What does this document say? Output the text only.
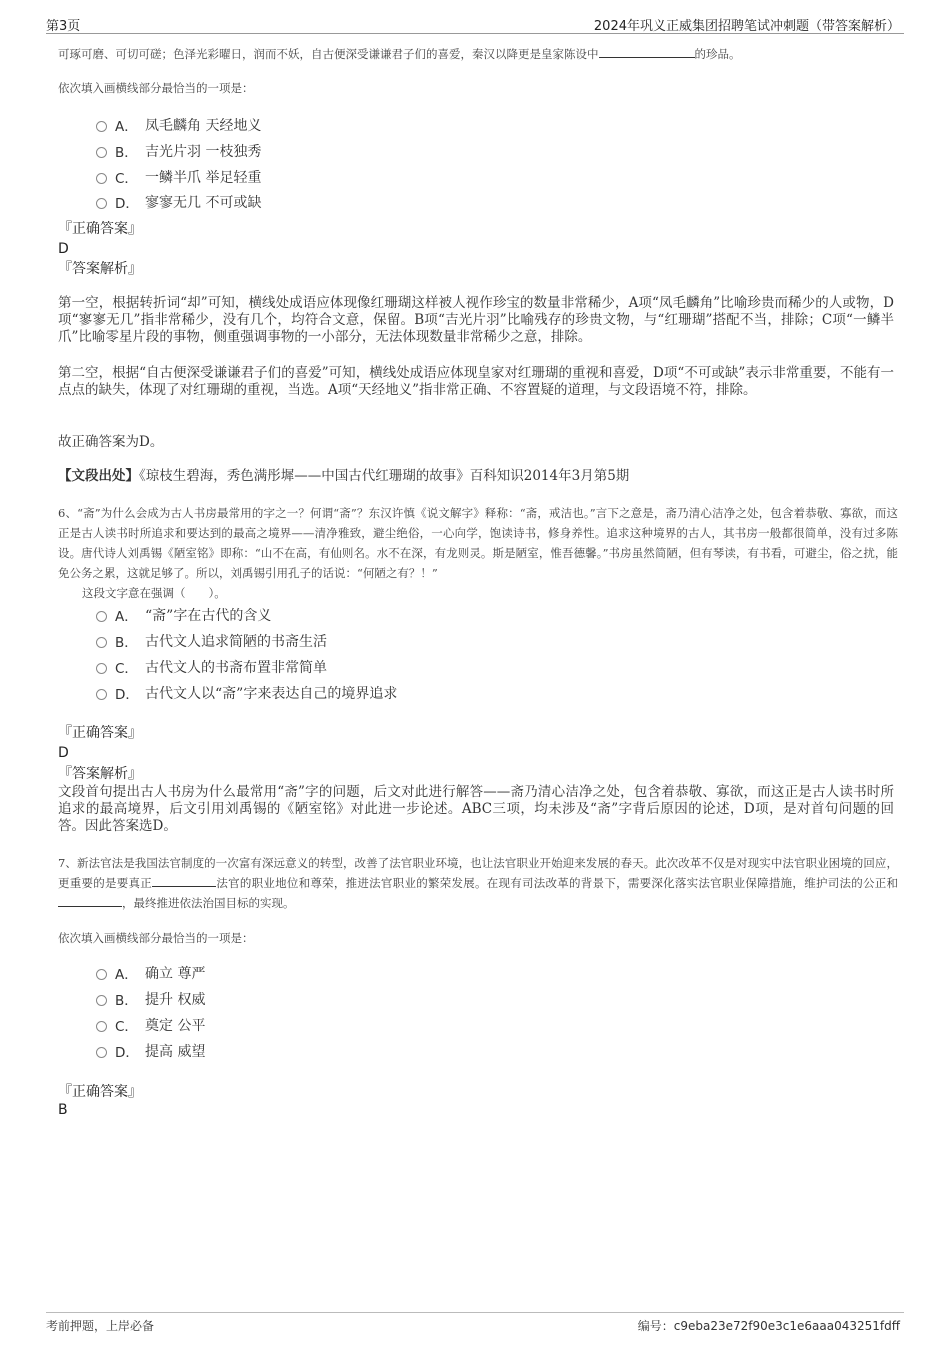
第3页	2024年巩义正威集团招聘笔试冲刺题（带答案解析）
可琢可磨、可切可磋；色泽光彩曜日，润而不妖，自古便深受谦谦君子们的喜爱，秦汉以降更是皇家陈设中	的珍品。
依次填入画横线部分最恰当的一项是：
A． 凤毛麟角 天经地义
B． 吉光片羽 一枝独秀
C． 一鳞半爪 举足轻重
D． 寥寥无几 不可或缺
『正确答案』
D
『答案解析』
第一空，根据转折词“却”可知，横线处成语应体现像红珊瑚这样被人视作珍宝的数量非常稀少，A项“凤毛麟角”比喻珍贵而稀少的人或物，D项“寥寥无几”指非常稀少，没有几个，均符合文意，保留。B项“吉光片羽”比喻残存的珍贵文物，与“红珊瑚”搭配不当，排除；C项“一鳞半爪”比喻零星片段的事物，侧重强调事物的一小部分，无法体现数量非常稀少之意，排除。
第二空，根据“自古便深受谦谦君子们的喜爱”可知，横线处成语应体现皇家对红珊瑚的重视和喜爱，D项“不可或缺”表示非常重要，不能有一点点的缺失，体现了对红珊瑚的重视，当选。A项“天经地义”指非常正确、不容置疑的道理，与文段语境不符，排除。
故正确答案为D。
【文段出处】《琼枝生碧海，秀色满彤墀——中国古代红珊瑚的故事》百科知识2014年3月第5期
6、“斋”为什么会成为古人书房最常用的字之一？何谓“斋”？东汉许慎《说文解字》释称：“斋，戒洁也。”言下之意是，斋乃清心洁净之处，包含着恭敬、寡欲，而这正是古人读书时所追求和要达到的最高之境界——清净雅致，避尘绝俗，一心向学，饱读诗书，修身养性。追求这种境界的古人，其书房一般都很简单，没有过多陈设。唐代诗人刘禹锡《陋室铭》即称：“山不在高，有仙则名。水不在深，有龙则灵。斯是陋室，惟吾德馨。”书房虽然简陋，但有琴读，有书看，可避尘，俗之扰，能免公务之累，这就足够了。所以，刘禹锡引用孔子的话说：“何陋之有？！”
这段文字意在强调（　　）。
A． “斋”字在古代的含义
B． 古代文人追求简陋的书斋生活
C． 古代文人的书斋布置非常简单
D． 古代文人以“斋”字来表达自己的境界追求
『正确答案』
D
『答案解析』
文段首句提出古人书房为什么最常用“斋”字的问题，后文对此进行解答——斋乃清心洁净之处，包含着恭敬、寡欲，而这正是古人读书时所追求的最高境界，后文引用刘禹锡的《陋室铭》对此进一步论述。ABC三项，均未涉及“斋”字背后原因的论述，D项，是对首句问题的回答。因此答案选D。
7、新法官法是我国法官制度的一次富有深远意义的转型，改善了法官职业环境，也让法官职业开始迎来发展的春天。此次改革不仅是对现实中法官职业困境的回应，更重要的是要真正	法官的职业地位和尊荣，推进法官职业的繁荣发展。在现有司法改革的背景下，需要深化落实法官职业保障措施，维护司法的公正和，最终推进依法治国目标的实现。
依次填入画横线部分最恰当的一项是：
A． 确立 尊严
B． 提升 权威
C． 奠定 公平
D． 提高 威望
『正确答案』
B
考前押题，上岸必备	编号：c9eba23e72f90e3c1e6aaa043251fdff
